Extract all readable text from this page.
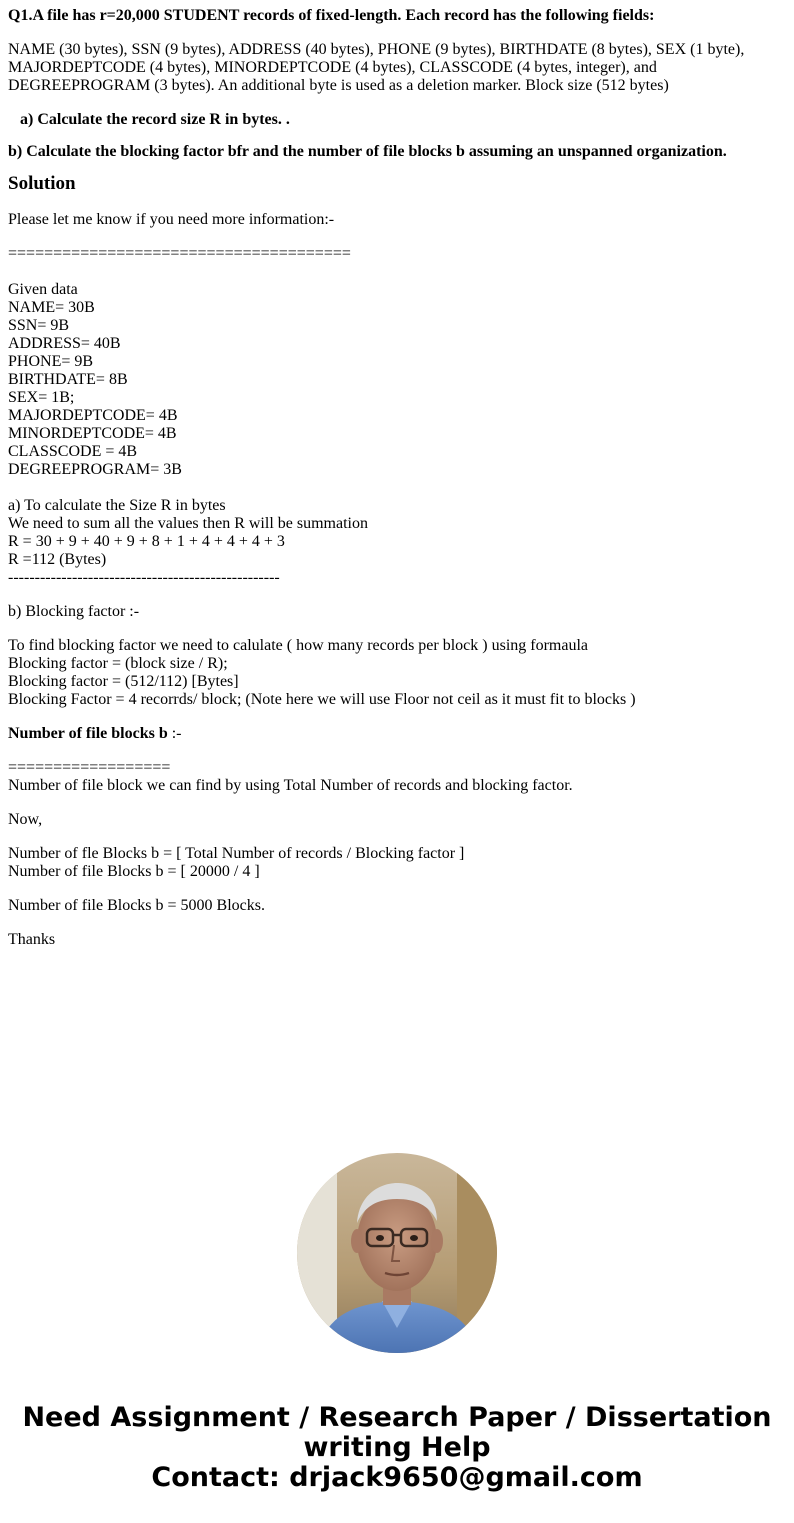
Q1.A file has r=20,000 STUDENT records of fixed-length. Each record has the following fields:

NAME (30 bytes), SSN (9 bytes), ADDRESS (40 bytes), PHONE (9 bytes), BIRTHDATE (8 bytes), SEX (1 byte), MAJORDEPTCODE (4 bytes), MINORDEPTCODE (4 bytes), CLASSCODE (4 bytes, integer), and DEGREEPROGRAM (3 bytes). An additional byte is used as a deletion marker. Block size (512 bytes)

a) Calculate the record size R in bytes. .

b) Calculate the blocking factor bfr and the number of file blocks b assuming an unspanned organization.

Solution

Please let me know if you need more information:-

======================================
Given data
NAME= 30B
SSN= 9B
ADDRESS= 40B
PHONE= 9B
BIRTHDATE= 8B
SEX= 1B;
MAJORDEPTCODE= 4B
MINORDEPTCODE= 4B
CLASSCODE = 4B
DEGREEPROGRAM= 3B
a) To calculate the Size R in bytes
We need to sum all the values then R will be summation
R = 30 + 9 + 40 + 9 + 8 + 1 + 4 + 4 + 4 + 3
R =112 (Bytes)
---------------------------------------------------

b) Blocking factor :-

To find blocking factor we need to calulate ( how many records per block ) using formaula
Blocking factor = (block size / R);
Blocking factor = (512/112) [Bytes]
Blocking Factor = 4 recorrds/ block; (Note here we will use Floor not ceil as it must fit to blocks )

Number of file blocks b :-

==================
Number of file block we can find by using Total Number of records and blocking factor.

Now,

Number of fle Blocks b = [ Total Number of records / Blocking factor ]
Number of file Blocks b = [ 20000 / 4 ]

Number of file Blocks b = 5000 Blocks.

Thanks

Need Assignment / Research Paper / Dissertation
writing Help
Contact: drjack9650@gmail.com
